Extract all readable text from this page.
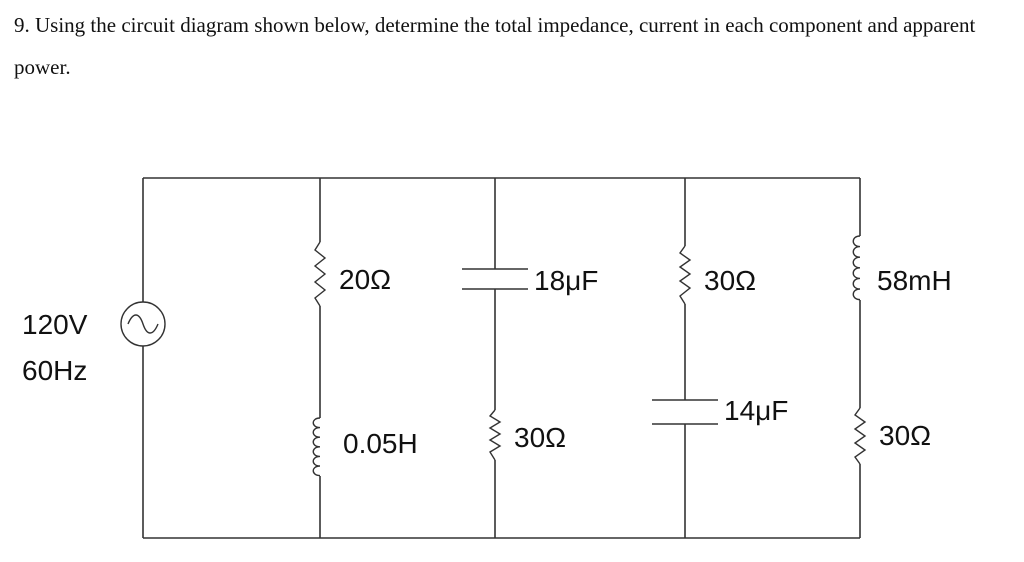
9. Using the circuit diagram shown below, determine the total impedance, current in each component and apparent power.
120V
60Hz
20Ω
0.05H
18μF
30Ω
30Ω
14μF
58mH
30Ω
